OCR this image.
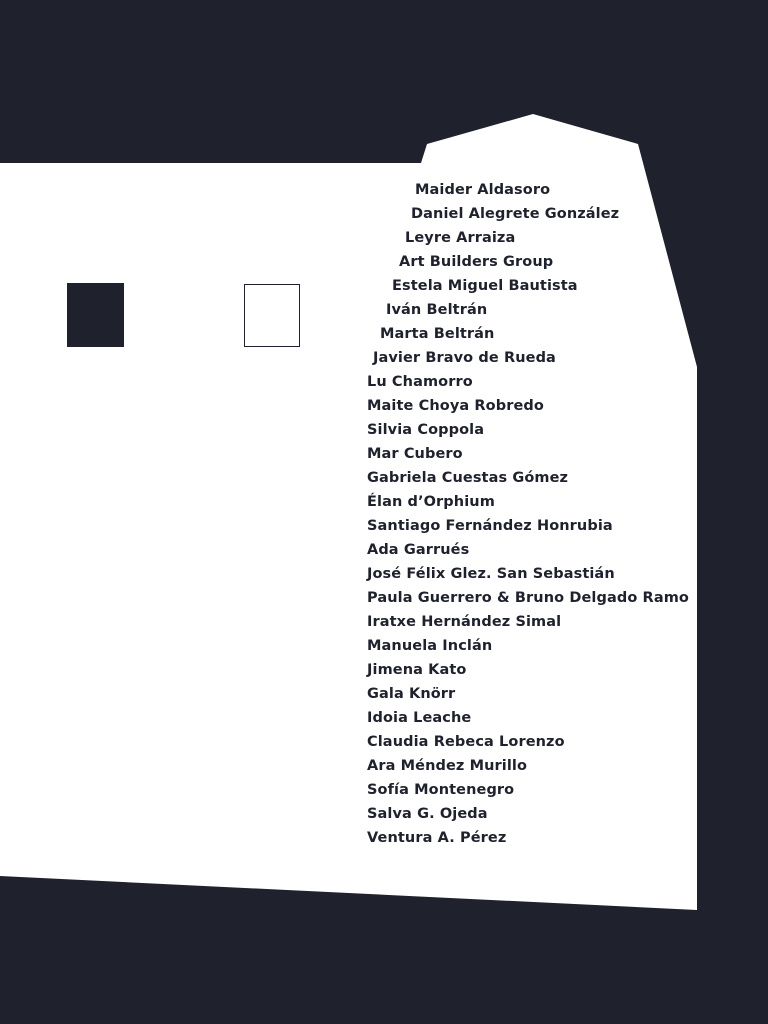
Maider Aldasoro
Daniel Alegrete González
Leyre Arraiza
Art Builders Group
Estela Miguel Bautista
Iván Beltrán
Marta Beltrán
Javier Bravo de Rueda
Lu Chamorro
Maite Choya Robredo
Silvia Coppola
Mar Cubero
Gabriela Cuestas Gómez
Élan d’Orphium
Santiago Fernández Honrubia
Ada Garrués
José Félix Glez. San Sebastián
Paula Guerrero & Bruno Delgado Ramo
Iratxe Hernández Simal
Manuela Inclán
Jimena Kato
Gala Knörr
Idoia Leache
Claudia Rebeca Lorenzo
Ara Méndez Murillo
Sofía Montenegro
Salva G. Ojeda
Ventura A. Pérez
